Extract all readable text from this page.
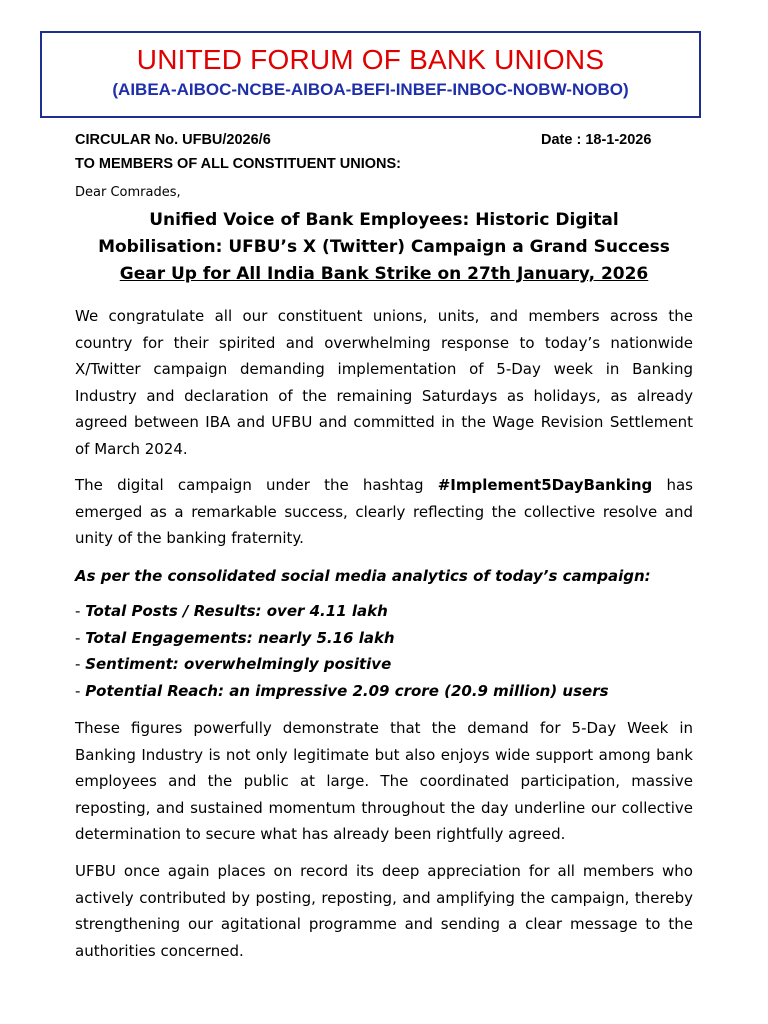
UNITED FORUM OF BANK UNIONS
(AIBEA-AIBOC-NCBE-AIBOA-BEFI-INBEF-INBOC-NOBW-NOBO)
CIRCULAR No. UFBU/2026/6	Date : 18-1-2026
TO MEMBERS OF ALL CONSTITUENT UNIONS:
Dear Comrades,
Unified Voice of Bank Employees: Historic Digital
Mobilisation: UFBU’s X (Twitter) Campaign a Grand Success
Gear Up for All India Bank Strike on 27th January, 2026

We congratulate all our constituent unions, units, and members across the country for their spirited and overwhelming response to today’s nationwide X/Twitter campaign demanding implementation of 5-Day week in Banking Industry and declaration of the remaining Saturdays as holidays, as already agreed between IBA and UFBU and committed in the Wage Revision Settlement of March 2024.

The digital campaign under the hashtag #Implement5DayBanking has emerged as a remarkable success, clearly reflecting the collective resolve and unity of the banking fraternity.

As per the consolidated social media analytics of today’s campaign:
- Total Posts / Results: over 4.11 lakh
- Total Engagements: nearly 5.16 lakh
- Sentiment: overwhelmingly positive
- Potential Reach: an impressive 2.09 crore (20.9 million) users

These figures powerfully demonstrate that the demand for 5-Day Week in Banking Industry is not only legitimate but also enjoys wide support among bank employees and the public at large. The coordinated participation, massive reposting, and sustained momentum throughout the day underline our collective determination to secure what has already been rightfully agreed.

UFBU once again places on record its deep appreciation for all members who actively contributed by posting, reposting, and amplifying the campaign, thereby strengthening our agitational programme and sending a clear message to the authorities concerned.
